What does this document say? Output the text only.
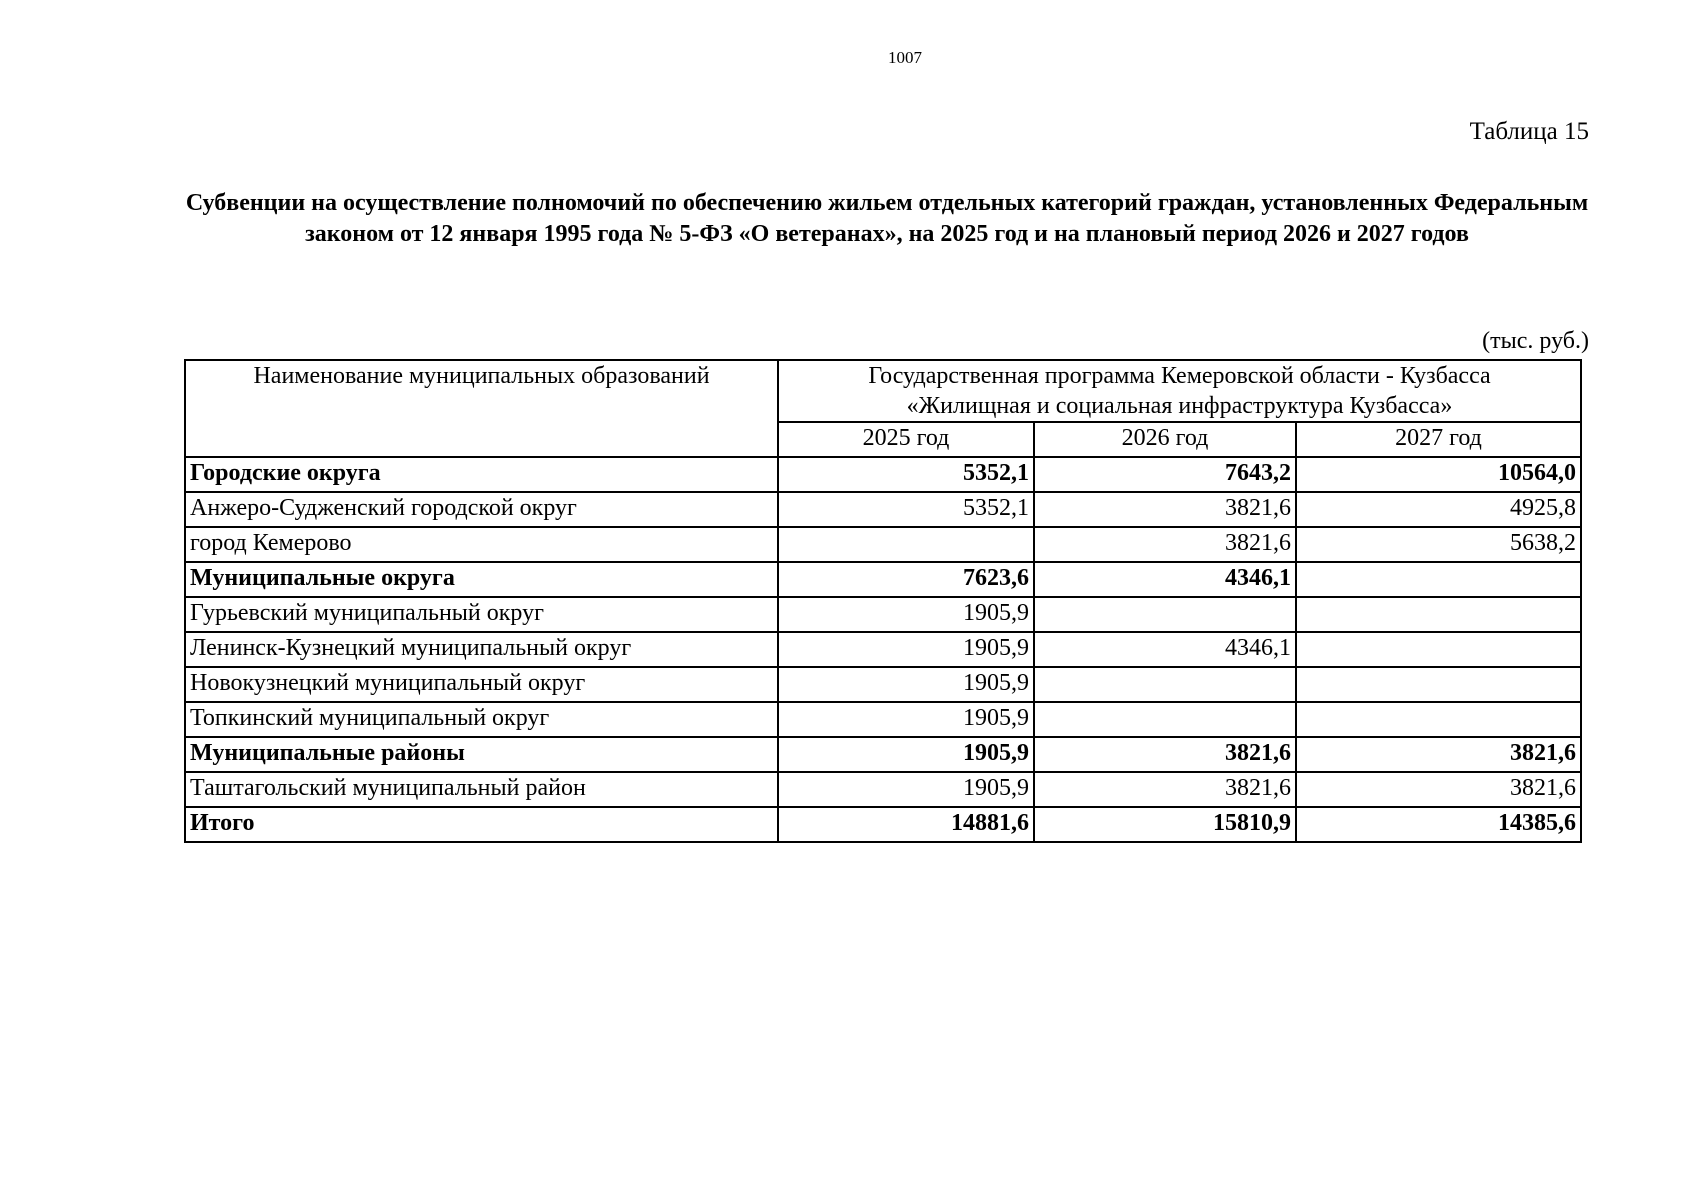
1007
Таблица 15
Субвенции на осуществление полномочий по обеспечению жильем отдельных категорий граждан, установленных Федеральным законом от 12 января 1995 года № 5-ФЗ «О ветеранах», на 2025 год и на плановый период 2026 и 2027 годов
(тыс. руб.)
Наименование муниципальных образований	Государственная программа Кемеровской области - Кузбасса
«Жилищная и социальная инфраструктура Кузбасса»		
	2025 год	2026 год	2027 год
Городские округа	5352,1	7643,2	10564,0
Анжеро-Судженский городской округ	5352,1	3821,6	4925,8
город Кемерово		3821,6	5638,2
Муниципальные округа	7623,6	4346,1	
Гурьевский муниципальный округ	1905,9		
Ленинск-Кузнецкий муниципальный округ	1905,9	4346,1	
Новокузнецкий муниципальный округ	1905,9		
Топкинский муниципальный округ	1905,9		
Муниципальные районы	1905,9	3821,6	3821,6
Таштагольский муниципальный район	1905,9	3821,6	3821,6
Итого	14881,6	15810,9	14385,6
